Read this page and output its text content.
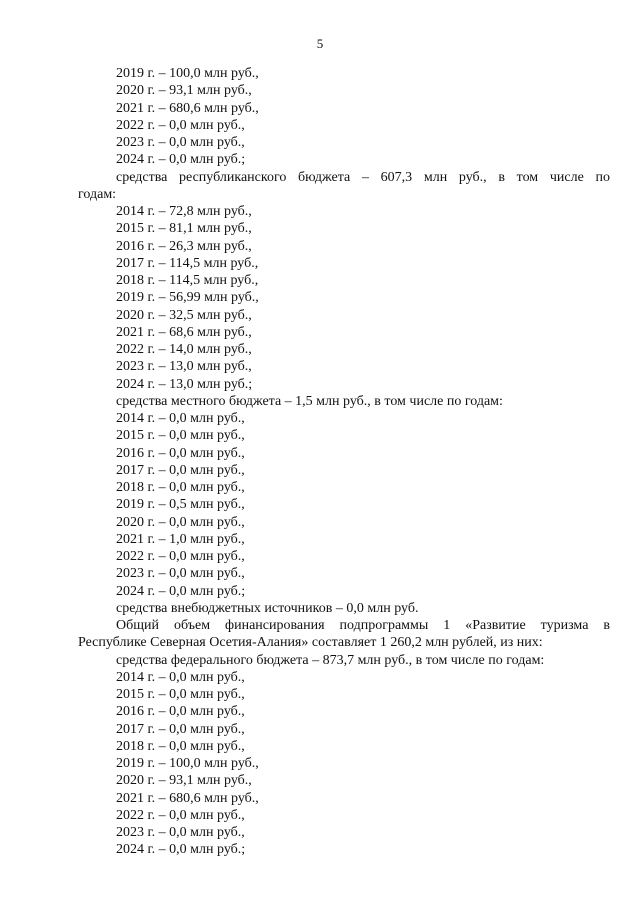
5

2019 г. – 100,0 млн руб.,

2020 г. – 93,1 млн руб.,

2021 г. – 680,6 млн руб.,

2022 г. – 0,0 млн руб.,

2023 г. – 0,0 млн руб.,

2024 г. – 0,0 млн руб.;

средства республиканского бюджета – 607,3 млн руб., в том числе по
годам:

2014 г. – 72,8 млн руб.,

2015 г. – 81,1 млн руб.,

2016 г. – 26,3 млн руб.,

2017 г. – 114,5 млн руб.,

2018 г. – 114,5 млн руб.,

2019 г. – 56,99 млн руб.,

2020 г. – 32,5 млн руб.,

2021 г. – 68,6 млн руб.,

2022 г. – 14,0 млн руб.,

2023 г. – 13,0 млн руб.,

2024 г. – 13,0 млн руб.;

средства местного бюджета – 1,5 млн руб., в том числе по годам:

2014 г. – 0,0 млн руб.,

2015 г. – 0,0 млн руб.,

2016 г. – 0,0 млн руб.,

2017 г. – 0,0 млн руб.,

2018 г. – 0,0 млн руб.,

2019 г. – 0,5 млн руб.,

2020 г. – 0,0 млн руб.,

2021 г. – 1,0 млн руб.,

2022 г. – 0,0 млн руб.,

2023 г. – 0,0 млн руб.,

2024 г. – 0,0 млн руб.;

средства внебюджетных источников – 0,0 млн руб.

Общий объем финансирования подпрограммы 1 «Развитие туризма в
Республике Северная Осетия-Алания» составляет 1 260,2 млн рублей, из них:

средства федерального бюджета – 873,7 млн руб., в том числе по годам:

2014 г. – 0,0 млн руб.,

2015 г. – 0,0 млн руб.,

2016 г. – 0,0 млн руб.,

2017 г. – 0,0 млн руб.,

2018 г. – 0,0 млн руб.,

2019 г. – 100,0 млн руб.,

2020 г. – 93,1 млн руб.,

2021 г. – 680,6 млн руб.,

2022 г. – 0,0 млн руб.,

2023 г. – 0,0 млн руб.,

2024 г. – 0,0 млн руб.;
